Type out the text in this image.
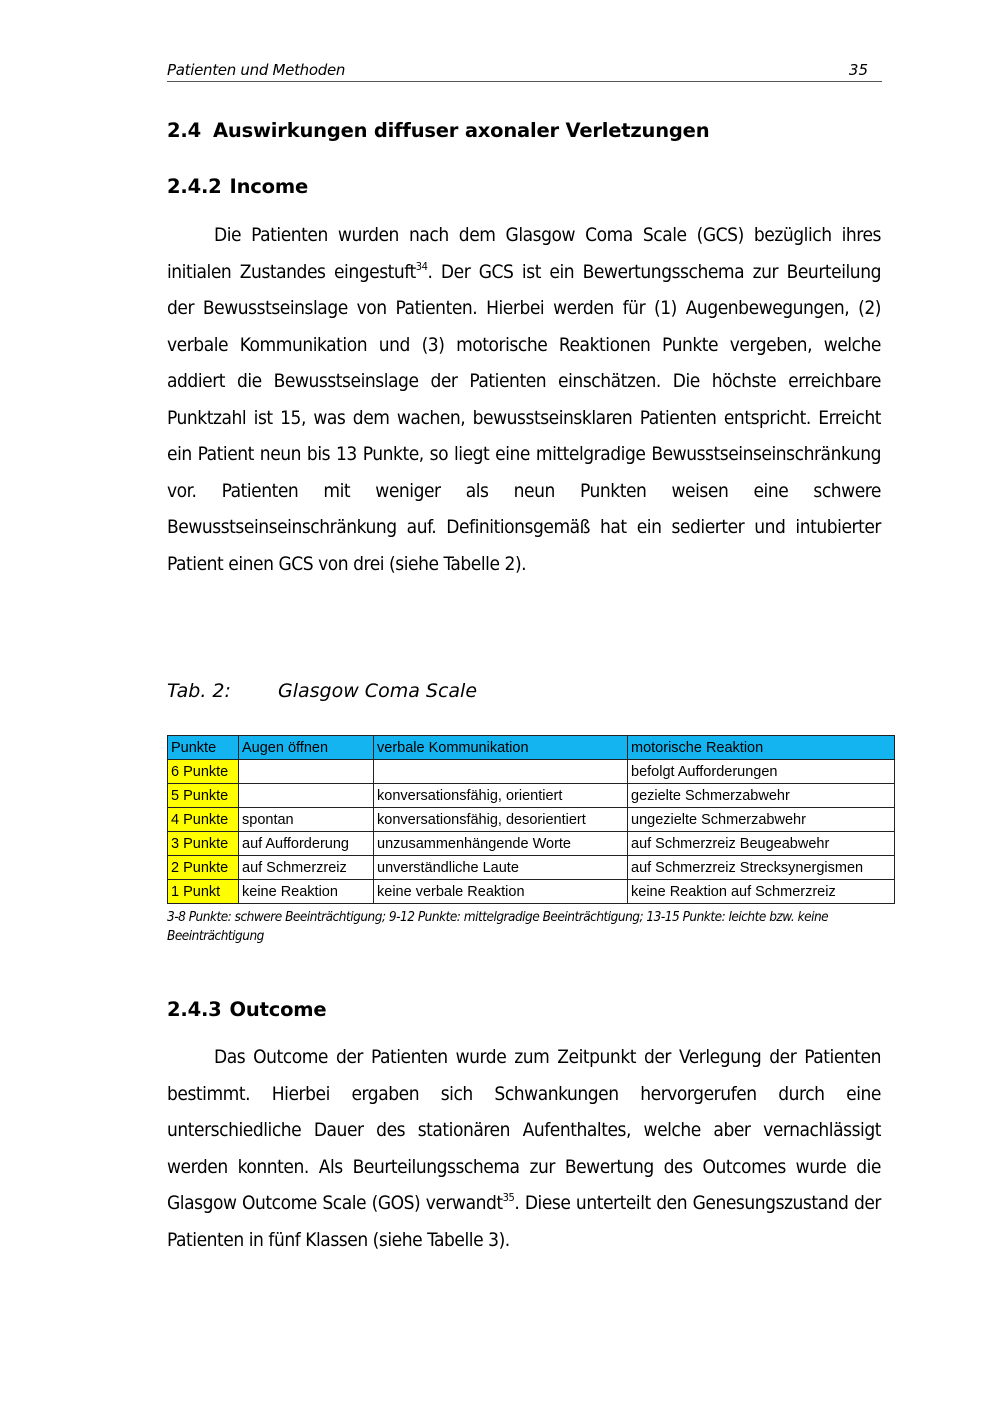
Patienten und Methoden	35
2.4 Auswirkungen diffuser axonaler Verletzungen
2.4.2 Income

Die Patienten wurden nach dem Glasgow Coma Scale (GCS) bezüglich ihres initialen Zustandes eingestuft$^{34}$. Der GCS ist ein Bewertungsschema zur Beurteilung der Bewusstseinslage von Patienten. Hierbei werden für (1) Augenbewegungen, (2) verbale Kommunikation und (3) motorische Reaktionen Punkte vergeben, welche addiert die Bewusstseinslage der Patienten einschätzen. Die höchste erreichbare Punktzahl ist 15, was dem wachen, bewusstseinsklaren Patienten entspricht. Erreicht ein Patient neun bis 13 Punkte, so liegt eine mittelgradige Bewusstseinseinschränkung vor. Patienten mit weniger als neun Punkten weisen eine schwere Bewusstseinseinschränkung auf. Definitionsgemäß hat ein sedierter und intubierter Patient einen GCS von drei (siehe Tabelle 2).

Tab. 2: Glasgow Coma Scale
Punkte	Augen öffnen	verbale Kommunikation	motorische Reaktion
6 Punkte			befolgt Aufforderungen
5 Punkte		konversationsfähig, orientiert	gezielte Schmerzabwehr
4 Punkte	spontan	konversationsfähig, desorientiert	ungezielte Schmerzabwehr
3 Punkte	auf Aufforderung	unzusammenhängende Worte	auf Schmerzreiz Beugeabwehr
2 Punkte	auf Schmerzreiz	unverständliche Laute	auf Schmerzreiz Strecksynergismen
1 Punkt	keine Reaktion	keine verbale Reaktion	keine Reaktion auf Schmerzreiz
3-8 Punkte: schwere Beeinträchtigung; 9-12 Punkte: mittelgradige Beeinträchtigung; 13-15 Punkte: leichte bzw. keine Beeinträchtigung
2.4.3 Outcome

Das Outcome der Patienten wurde zum Zeitpunkt der Verlegung der Patienten bestimmt. Hierbei ergaben sich Schwankungen hervorgerufen durch eine unterschiedliche Dauer des stationären Aufenthaltes, welche aber vernachlässigt werden konnten. Als Beurteilungsschema zur Bewertung des Outcomes wurde die Glasgow Outcome Scale (GOS) verwandt$^{35}$. Diese unterteilt den Genesungszustand der Patienten in fünf Klassen (siehe Tabelle 3).
